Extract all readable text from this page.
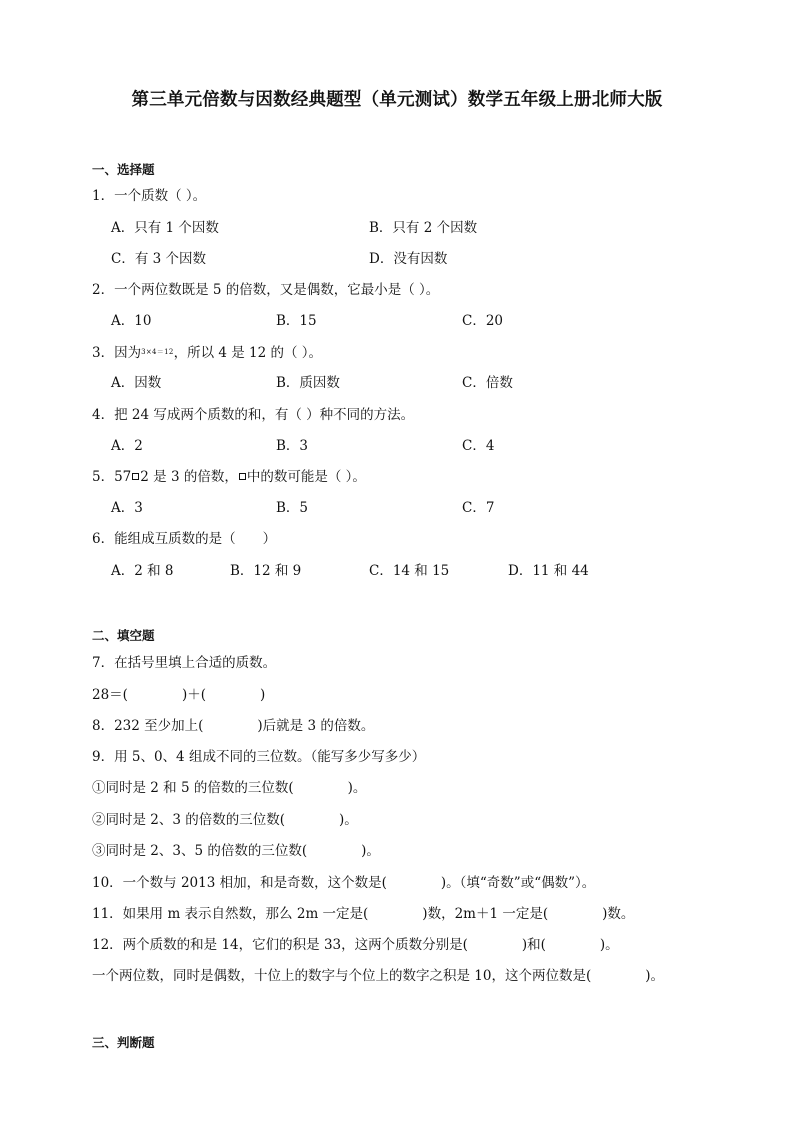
第三单元倍数与因数经典题型（单元测试）数学五年级上册北师大版
一、选择题
1．一个质数（ ）。
A．只有 1 个因数	B．只有 2 个因数
C．有 3 个因数	D．没有因数
2．一个两位数既是 5 的倍数，又是偶数，它最小是（ ）。
A．10	B．15	C．20
3．因为$^{3\times 4=12}$，所以 4 是 12 的（ ）。
A．因数	B．质因数	C．倍数
4．把 24 写成两个质数的和，有（ ）种不同的方法。
A．2	B．3	C．4
5．57 2 是 3 的倍数， 中的数可能是（ ）。
A．3	B．5	C．7
6．能组成互质数的是（　　）
A．2 和 8	B．12 和 9	C．14 和 15	D．11 和 44
二、填空题
7．在括号里填上合适的质数。
28＝(　　　　)＋(　　　　)
8．232 至少加上(　　　　)后就是 3 的倍数。
9．用 5、0、4 组成不同的三位数。（能写多少写多少）
①同时是 2 和 5 的倍数的三位数(　　　　)。
②同时是 2、3 的倍数的三位数(　　　　)。
③同时是 2、3、5 的倍数的三位数(　　　　)。
10．一个数与 2013 相加，和是奇数，这个数是(　　　　)。（填“奇数”或“偶数”）。
11．如果用 m 表示自然数，那么 2m 一定是(　　　　)数，2m＋1 一定是(　　　　)数。
12．两个质数的和是 14，它们的积是 33，这两个质数分别是(　　　　)和(　　　　)。
一个两位数，同时是偶数，十位上的数字与个位上的数字之积是 10，这个两位数是(　　　　)。
三、判断题
